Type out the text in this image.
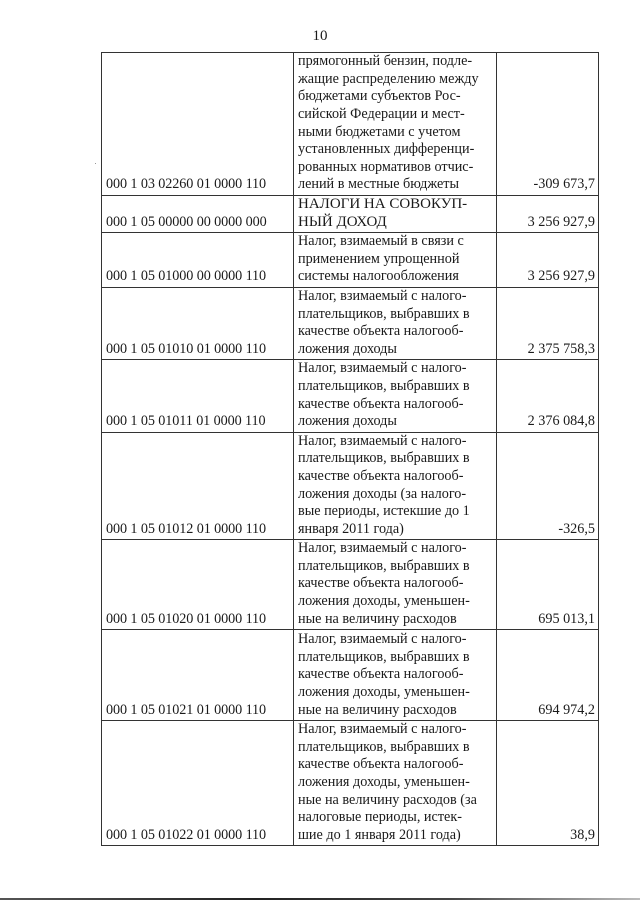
10
000 1 03 02260 01 0000 110	
прямогонный бензин, подле-
жащие распределению между
бюджетами субъектов Рос-
сийской Федерации и мест-
ными бюджетами с учетом
установленных дифференци-
рованных нормативов отчис-
лений в местные бюджеты	-309 673,7
000 1 05 00000 00 0000 000	НАЛОГИ НА СОВОКУП-
НЫЙ ДОХОД	3 256 927,9
000 1 05 01000 00 0000 110	Налог, взимаемый в связи с
применением упрощенной
системы налогообложения	3 256 927,9
000 1 05 01010 01 0000 110	Налог, взимаемый с налого-
плательщиков, выбравших в
качестве объекта налогооб-
ложения доходы	2 375 758,3
000 1 05 01011 01 0000 110	Налог, взимаемый с налого-
плательщиков, выбравших в
качестве объекта налогооб-
ложения доходы	2 376 084,8
000 1 05 01012 01 0000 110	
Налог, взимаемый с налого-
плательщиков, выбравших в
качестве объекта налогооб-
ложения доходы (за налого-
вые периоды, истекшие до 1
января 2011 года)	-326,5
000 1 05 01020 01 0000 110	Налог, взимаемый с налого-
плательщиков, выбравших в
качестве объекта налогооб-
ложения доходы, уменьшен-
ные на величину расходов	695 013,1
000 1 05 01021 01 0000 110	Налог, взимаемый с налого-
плательщиков, выбравших в
качестве объекта налогооб-
ложения доходы, уменьшен-
ные на величину расходов	694 974,2
000 1 05 01022 01 0000 110	
Налог, взимаемый с налого-
плательщиков, выбравших в
качестве объекта налогооб-
ложения доходы, уменьшен-
ные на величину расходов (за
налоговые периоды, истек-
шие до 1 января 2011 года)	38,9
